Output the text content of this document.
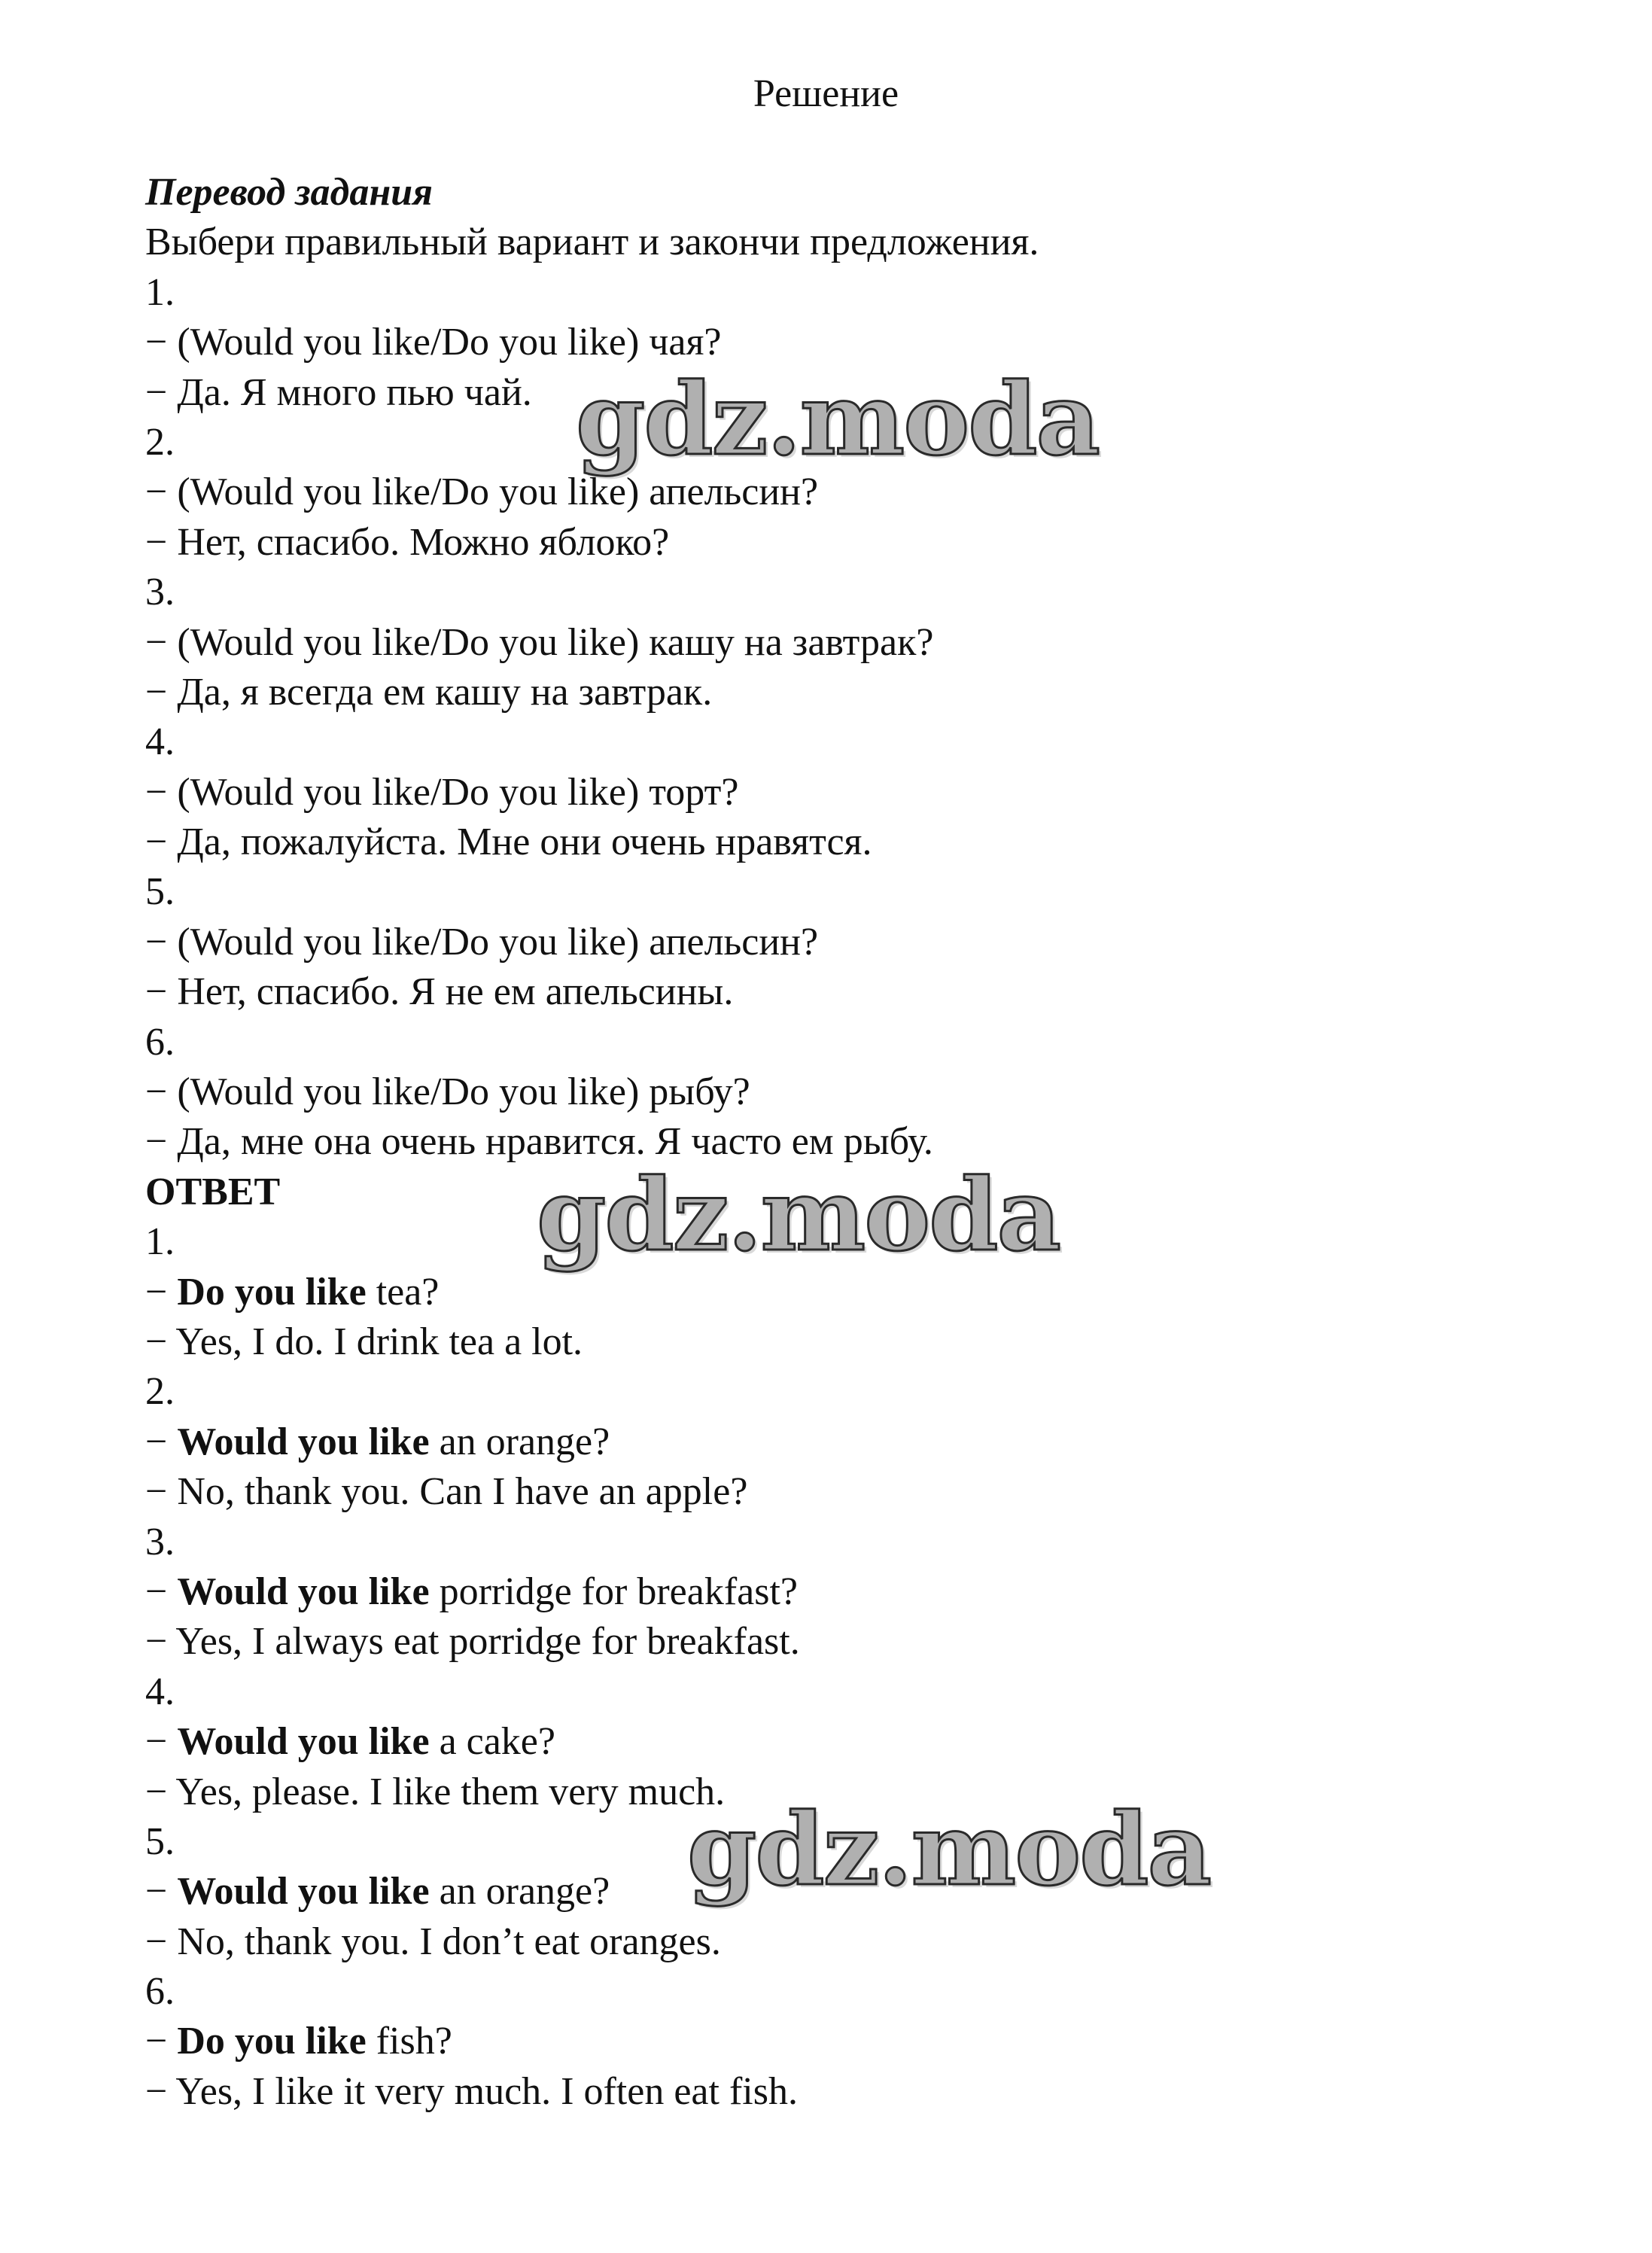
Решение
Перевод задания
Выбери правильный вариант и закончи предложения.
1.
− (Would you like/Do you like) чая?
− Да. Я много пью чай.
2.
− (Would you like/Do you like) апельсин?
− Нет, спасибо. Можно яблоко?
3.
− (Would you like/Do you like) кашу на завтрак?
− Да, я всегда ем кашу на завтрак.
4.
− (Would you like/Do you like) торт?
− Да, пожалуйста. Мне они очень нравятся.
5.
− (Would you like/Do you like) апельсин?
− Нет, спасибо. Я не ем апельсины.
6.
− (Would you like/Do you like) рыбу?
− Да, мне она очень нравится. Я часто ем рыбу.
ОТВЕТ
1.
− Do you like tea?
− Yes, I do. I drink tea a lot.
2.
− Would you like an orange?
− No, thank you. Can I have an apple?
3.
− Would you like porridge for breakfast?
− Yes, I always eat porridge for breakfast.
4.
− Would you like a cake?
− Yes, please. I like them very much.
5.
− Would you like an orange?
− No, thank you. I don’t eat oranges.
6.
− Do you like fish?
− Yes, I like it very much. I often eat fish.
gdz.moda
gdz.moda
gdz.moda
